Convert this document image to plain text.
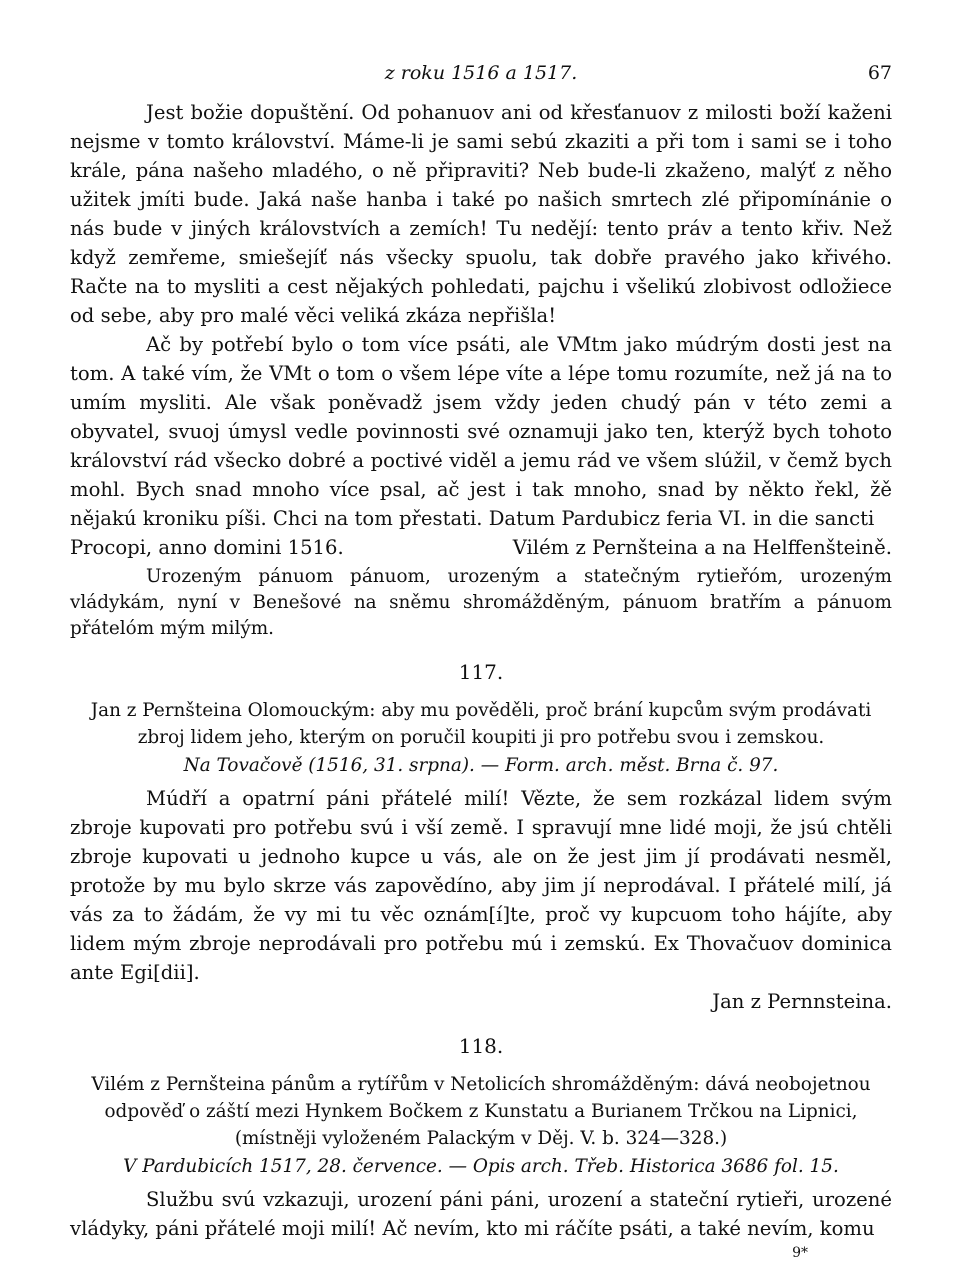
z roku 1516 a 1517.	67

Jest božie dopuštění. Od pohanuov ani od křesťanuov z milosti boží kaženi nejsme v tomto království. Máme-li je sami sebú zkaziti a při tom i sami se i toho krále, pána našeho mladého, o ně připraviti? Neb bude-li zkaženo, malýť z něho užitek jmíti bude. Jaká naše hanba i také po našich smrtech zlé připomínánie o nás bude v jiných královstvích a zemích! Tu nedějí: tento práv a tento křiv. Než když zemřeme, smiešejíť nás všecky spuolu, tak dobře pravého jako křivého. Račte na to mysliti a cest nějakých pohledati, pajchu i všelikú zlobivost odložiece od sebe, aby pro malé věci veliká zkáza nepřišla!

Ač by potřebí bylo o tom více psáti, ale VMtm jako múdrým dosti jest na tom. A také vím, že VMt o tom o všem lépe víte a lépe tomu rozumíte, než já na to umím mysliti. Ale však poněvadž jsem vždy jeden chudý pán v této zemi a obyvatel, svuoj úmysl vedle povinnosti své oznamuji jako ten, kterýž bych tohoto království rád všecko dobré a poctivé viděl a jemu rád ve všem slúžil, v čemž bych mohl. Bych snad mnoho více psal, ač jest i tak mnoho, snad by někto řekl, žě nějakú kroniku píši. Chci na tom přestati. Datum Pardubicz feria VI. in die sancti

Procopi, anno domini 1516.	Vilém z Pernšteina a na Helffenšteině.

Urozeným pánuom pánuom, urozeným a statečným rytieřóm, urozeným vládykám, nyní v Benešové na sněmu shromážděným, pánuom bratřím a pánuom přátelóm mým milým.

117.
Jan z Pernšteina Olomouckým: aby mu pověděli, proč brání kupcům svým prodávati zbroj lidem jeho, kterým on poručil koupiti ji pro potřebu svou i zemskou.
Na Tovačově (1516, 31. srpna). — Form. arch. měst. Brna č. 97.

Múdří a opatrní páni přátelé milí! Vězte, že sem rozkázal lidem svým zbroje kupovati pro potřebu svú i vší země. I spravují mne lidé moji, že jsú chtěli zbroje kupovati u jednoho kupce u vás, ale on že jest jim jí prodávati nesměl, protože by mu bylo skrze vás zapovědíno, aby jim jí neprodával. I přátelé milí, já vás za to žádám, že vy mi tu věc oznám[í]te, proč vy kupcuom toho hájíte, aby lidem mým zbroje neprodávali pro potřebu mú i zemskú. Ex Thovačuov dominica ante Egi[dii].

Jan z Pernnsteina.
118.
Vilém z Pernšteina pánům a rytířům v Netolicích shromážděným: dává neobojetnou odpověď o záští mezi Hynkem Bočkem z Kunstatu a Burianem Trčkou na Lipnici, (místněji vyloženém Palackým v Děj. V. b. 324—328.)
V Pardubicích 1517, 28. července. — Opis arch. Třeb. Historica 3686 fol. 15.

Službu svú vzkazuji, urození páni páni, urození a stateční rytieři, urozené vládyky, páni přátelé moji milí! Ač nevím, kto mi ráčíte psáti, a také nevím, komu

9*
